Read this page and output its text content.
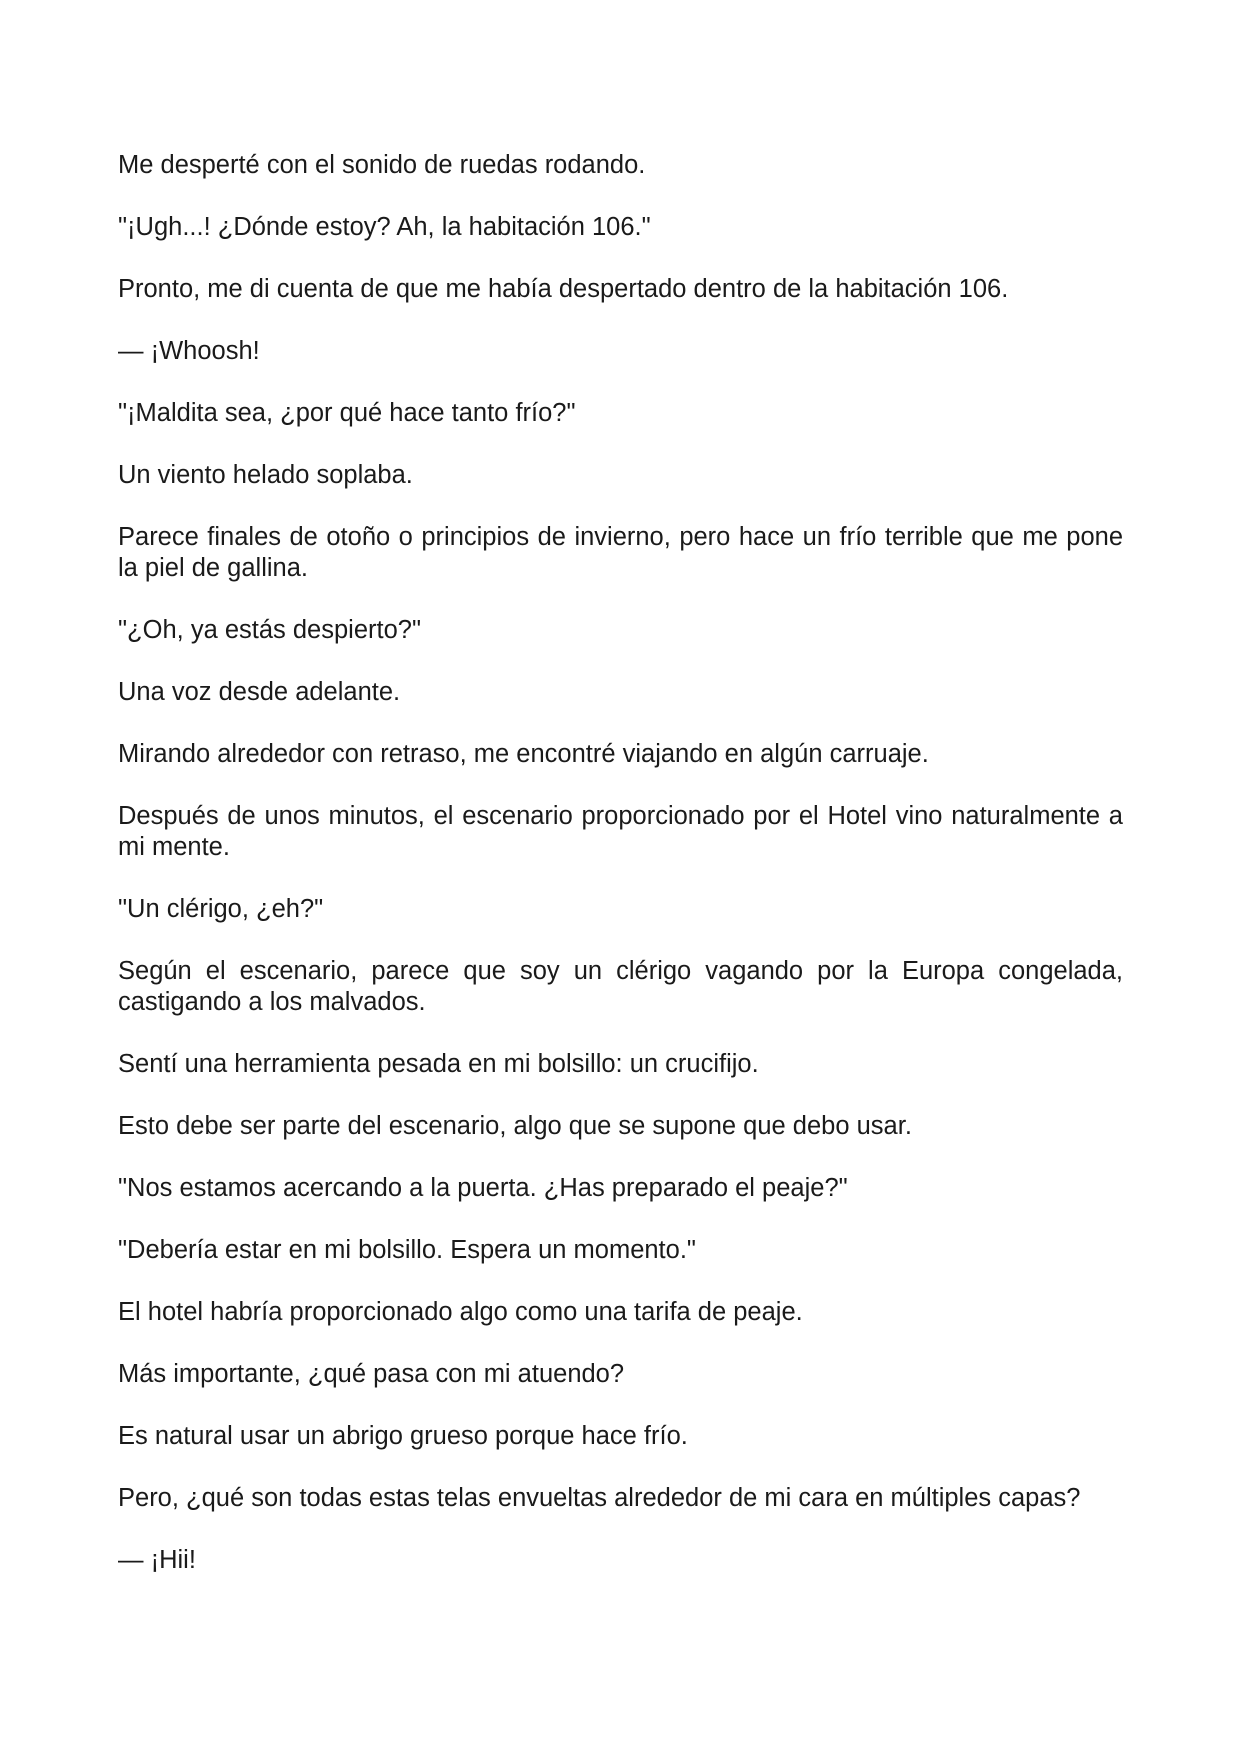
Me desperté con el sonido de ruedas rodando.

"¡Ugh...! ¿Dónde estoy? Ah, la habitación 106."

Pronto, me di cuenta de que me había despertado dentro de la habitación 106.

— ¡Whoosh!

"¡Maldita sea, ¿por qué hace tanto frío?"

Un viento helado soplaba.

Parece finales de otoño o principios de invierno, pero hace un frío terrible que me pone la piel de gallina.

"¿Oh, ya estás despierto?"

Una voz desde adelante.

Mirando alrededor con retraso, me encontré viajando en algún carruaje.

Después de unos minutos, el escenario proporcionado por el Hotel vino naturalmente a mi mente.

"Un clérigo, ¿eh?"

Según el escenario, parece que soy un clérigo vagando por la Europa congelada, castigando a los malvados.

Sentí una herramienta pesada en mi bolsillo: un crucifijo.

Esto debe ser parte del escenario, algo que se supone que debo usar.

"Nos estamos acercando a la puerta. ¿Has preparado el peaje?"

"Debería estar en mi bolsillo. Espera un momento."

El hotel habría proporcionado algo como una tarifa de peaje.

Más importante, ¿qué pasa con mi atuendo?

Es natural usar un abrigo grueso porque hace frío.

Pero, ¿qué son todas estas telas envueltas alrededor de mi cara en múltiples capas?

— ¡Hii!
